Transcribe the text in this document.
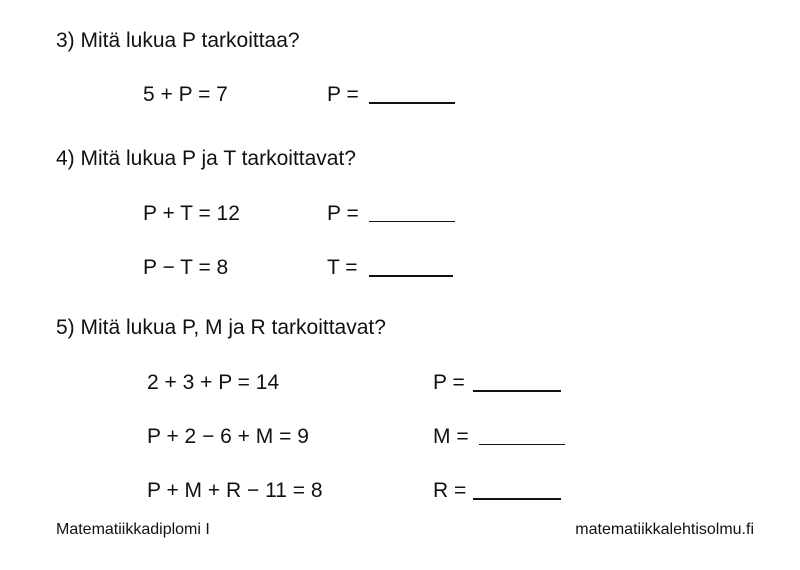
3) Mitä lukua P tarkoittaa?
5 + P = 7	P =
4) Mitä lukua P ja T tarkoittavat?
P + T = 12	P =
P − T = 8	T =
5) Mitä lukua P, M ja R tarkoittavat?
2 + 3 + P = 14	P =
P + 2 − 6 + M = 9	M =
P + M + R − 11 = 8	R =
Matematiikkadiplomi I	matematiikkalehtisolmu.fi
